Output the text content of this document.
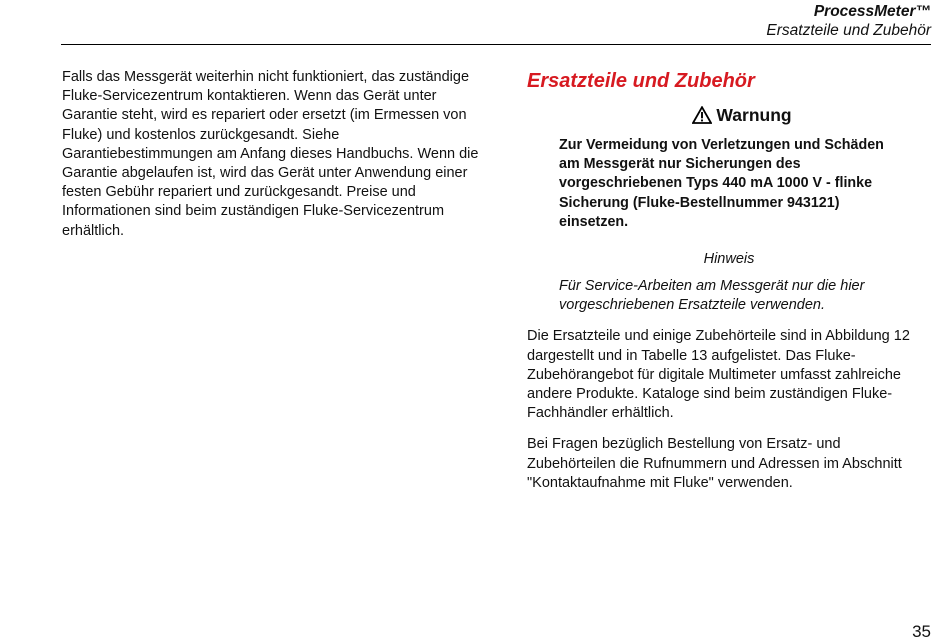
ProcessMeter™
Ersatzteile und Zubehör

Falls das Messgerät weiterhin nicht funktioniert, das zuständige Fluke-Servicezentrum kontaktieren. Wenn das Gerät unter Garantie steht, wird es repariert oder ersetzt (im Ermessen von Fluke) und kostenlos zurückgesandt. Siehe Garantiebestimmungen am Anfang dieses Handbuchs. Wenn die Garantie abgelaufen ist, wird das Gerät unter Anwendung einer festen Gebühr repariert und zurückgesandt. Preise und Informationen sind beim zuständigen Fluke-Servicezentrum erhältlich.

Ersatzteile und Zubehör
Warnung
Zur Vermeidung von Verletzungen und Schäden am Messgerät nur Sicherungen des vorgeschriebenen Typs 440 mA 1000 V - flinke Sicherung (Fluke-Bestellnummer 943121) einsetzen.
Hinweis
Für Service-Arbeiten am Messgerät nur die hier vorgeschriebenen Ersatzteile verwenden.

Die Ersatzteile und einige Zubehörteile sind in Abbildung 12 dargestellt und in Tabelle 13 aufgelistet. Das Fluke-Zubehörangebot für digitale Multimeter umfasst zahlreiche andere Produkte. Kataloge sind beim zuständigen Fluke-Fachhändler erhältlich.

Bei Fragen bezüglich Bestellung von Ersatz- und Zubehörteilen die Rufnummern und Adressen im Abschnitt "Kontaktaufnahme mit Fluke" verwenden.

35
